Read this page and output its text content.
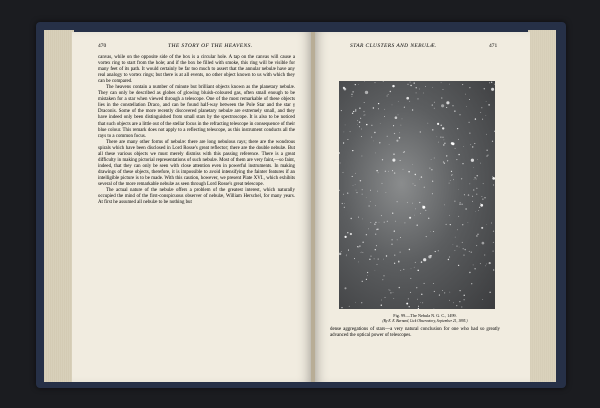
470	THE STORY OF THE HEAVENS.

canvas, while on the opposite side of the box is a circular hole. A tap on the canvas will cause a vortex ring to start from the hole; and if the box be filled with smoke, this ring will be visible for many feet of its path. It would certainly be far too much to assert that the annular nebulæ have any real analogy to vortex rings; but there is at all events, no other object known to us with which they can be compared.

The heavens contain a number of minute but brilliant objects known as the planetary nebulæ. They can only be described as globes of glowing bluish-coloured gas, often small enough to be mistaken for a star when viewed through a telescope. One of the most remarkable of these objects lies in the constellation Draco, and can be found half-way between the Pole Star and the star γ Draconis. Some of the more recently discovered planetary nebulæ are extremely small, and they have indeed only been distinguished from small stars by the spectroscope. It is also to be noticed that such objects are a little out of the stellar focus in the refracting telescope in consequence of their blue colour. This remark does not apply to a reflecting telescope, as this instrument conducts all the rays to a common focus.

There are many other forms of nebulæ: there are long nebulous rays; there are the wondrous spirals which have been disclosed in Lord Rosse's great reflector; there are the double nebulæ. But all these various objects we must merely dismiss with this passing reference. There is a great difficulty in making pictorial representations of such nebulæ. Most of them are very faint,—so faint, indeed, that they can only be seen with close attention even in powerful instruments. In making drawings of these objects, therefore, it is impossible to avoid intensifying the fainter features if an intelligible picture is to be made. With this caution, however, we present Plate XVI., which exhibits several of the more remarkable nebulæ as seen through Lord Rosse's great telescope.

The actual nature of the nebulæ offers a problem of the greatest interest, which naturally occupied the mind of the first-conspicuous observer of nebulæ, William Herschel, for many years. At first he assumed all nebulæ to be nothing but

STAR CLUSTERS AND NEBULÆ.	471

Fig. 99.—The Nebula N. G. C., 1499.

(By E. E. Barnard, Lick Observatory, September 21, 1895.)

dense aggregations of stars—a very natural conclusion for one who had so greatly advanced the optical power of telescopes.
